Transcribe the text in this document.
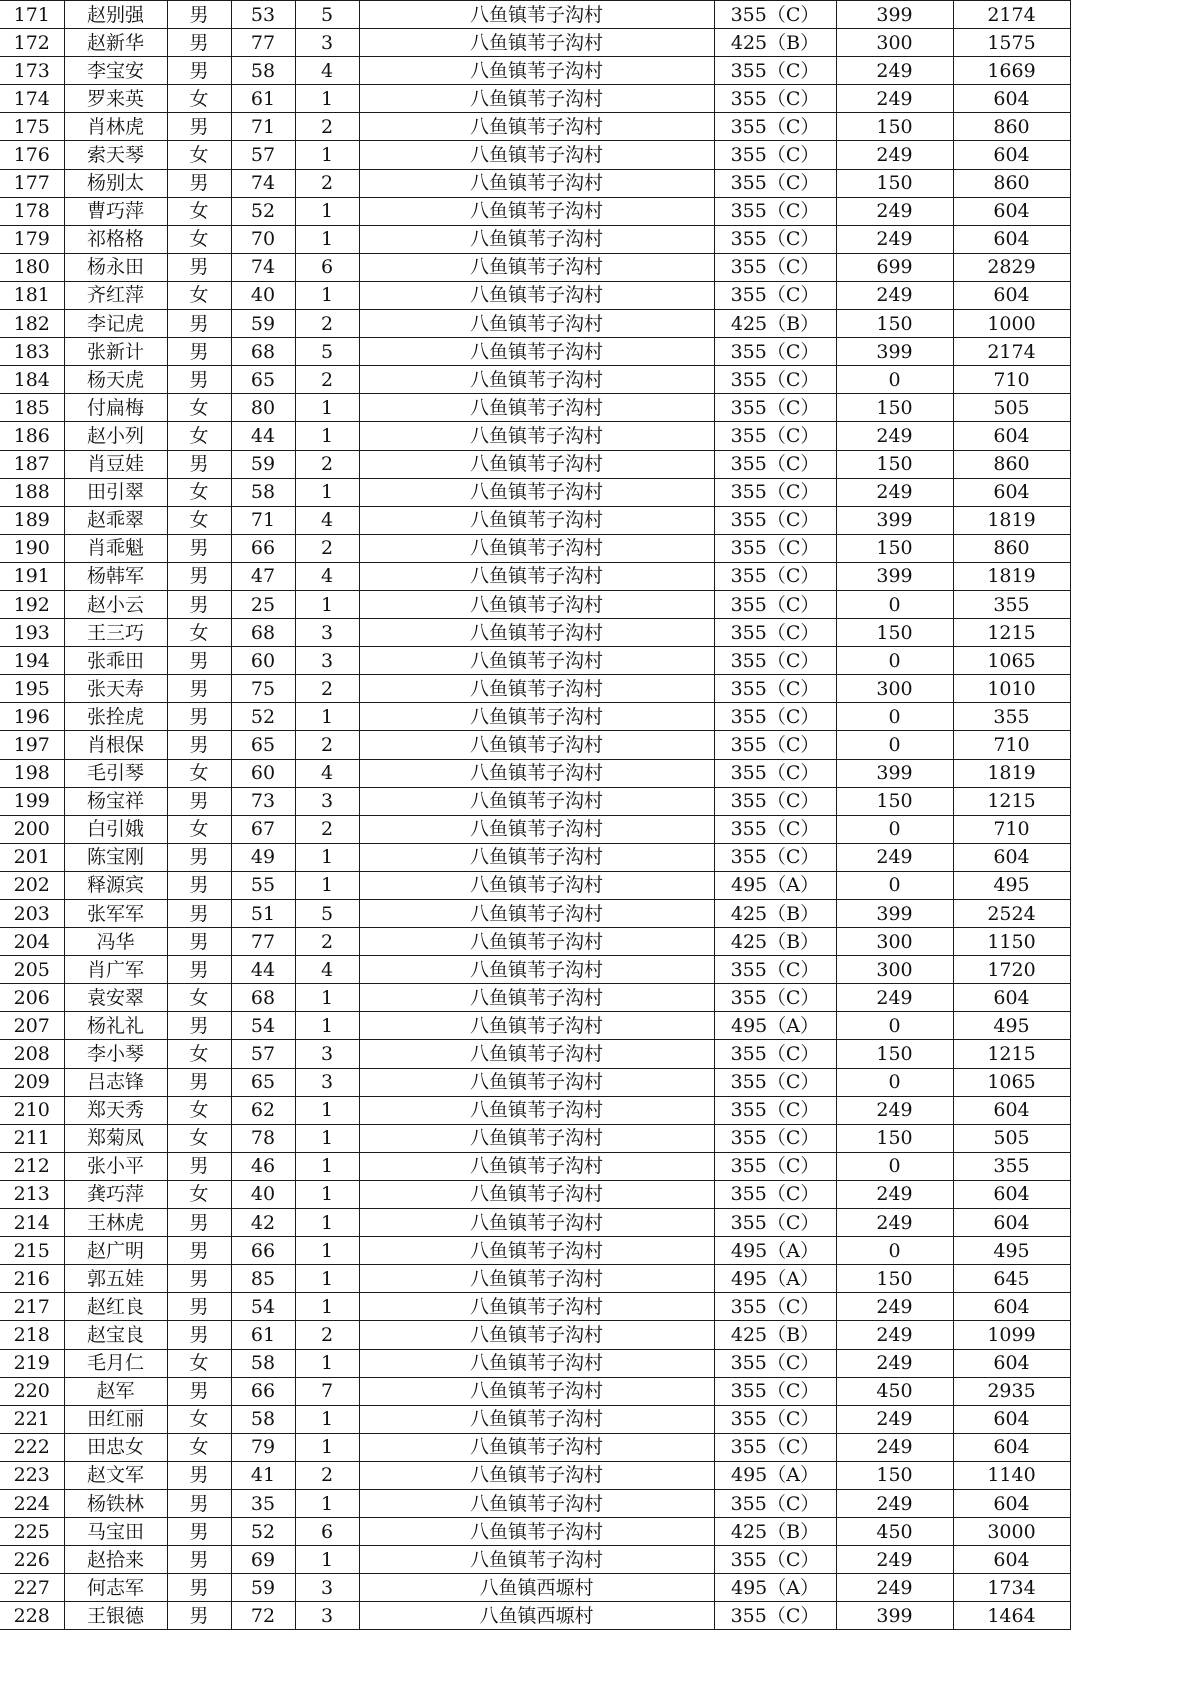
171	赵别强	男	53	5	八鱼镇苇子沟村	355（C）	399	2174
172	赵新华	男	77	3	八鱼镇苇子沟村	425（B）	300	1575
173	李宝安	男	58	4	八鱼镇苇子沟村	355（C）	249	1669
174	罗来英	女	61	1	八鱼镇苇子沟村	355（C）	249	604
175	肖林虎	男	71	2	八鱼镇苇子沟村	355（C）	150	860
176	索天琴	女	57	1	八鱼镇苇子沟村	355（C）	249	604
177	杨别太	男	74	2	八鱼镇苇子沟村	355（C）	150	860
178	曹巧萍	女	52	1	八鱼镇苇子沟村	355（C）	249	604
179	祁格格	女	70	1	八鱼镇苇子沟村	355（C）	249	604
180	杨永田	男	74	6	八鱼镇苇子沟村	355（C）	699	2829
181	齐红萍	女	40	1	八鱼镇苇子沟村	355（C）	249	604
182	李记虎	男	59	2	八鱼镇苇子沟村	425（B）	150	1000
183	张新计	男	68	5	八鱼镇苇子沟村	355（C）	399	2174
184	杨天虎	男	65	2	八鱼镇苇子沟村	355（C）	0	710
185	付扁梅	女	80	1	八鱼镇苇子沟村	355（C）	150	505
186	赵小列	女	44	1	八鱼镇苇子沟村	355（C）	249	604
187	肖豆娃	男	59	2	八鱼镇苇子沟村	355（C）	150	860
188	田引翠	女	58	1	八鱼镇苇子沟村	355（C）	249	604
189	赵乖翠	女	71	4	八鱼镇苇子沟村	355（C）	399	1819
190	肖乖魁	男	66	2	八鱼镇苇子沟村	355（C）	150	860
191	杨韩军	男	47	4	八鱼镇苇子沟村	355（C）	399	1819
192	赵小云	男	25	1	八鱼镇苇子沟村	355（C）	0	355
193	王三巧	女	68	3	八鱼镇苇子沟村	355（C）	150	1215
194	张乖田	男	60	3	八鱼镇苇子沟村	355（C）	0	1065
195	张天寿	男	75	2	八鱼镇苇子沟村	355（C）	300	1010
196	张拴虎	男	52	1	八鱼镇苇子沟村	355（C）	0	355
197	肖根保	男	65	2	八鱼镇苇子沟村	355（C）	0	710
198	毛引琴	女	60	4	八鱼镇苇子沟村	355（C）	399	1819
199	杨宝祥	男	73	3	八鱼镇苇子沟村	355（C）	150	1215
200	白引娥	女	67	2	八鱼镇苇子沟村	355（C）	0	710
201	陈宝刚	男	49	1	八鱼镇苇子沟村	355（C）	249	604
202	释源宾	男	55	1	八鱼镇苇子沟村	495（A）	0	495
203	张军军	男	51	5	八鱼镇苇子沟村	425（B）	399	2524
204	冯华	男	77	2	八鱼镇苇子沟村	425（B）	300	1150
205	肖广军	男	44	4	八鱼镇苇子沟村	355（C）	300	1720
206	袁安翠	女	68	1	八鱼镇苇子沟村	355（C）	249	604
207	杨礼礼	男	54	1	八鱼镇苇子沟村	495（A）	0	495
208	李小琴	女	57	3	八鱼镇苇子沟村	355（C）	150	1215
209	吕志锋	男	65	3	八鱼镇苇子沟村	355（C）	0	1065
210	郑天秀	女	62	1	八鱼镇苇子沟村	355（C）	249	604
211	郑菊凤	女	78	1	八鱼镇苇子沟村	355（C）	150	505
212	张小平	男	46	1	八鱼镇苇子沟村	355（C）	0	355
213	龚巧萍	女	40	1	八鱼镇苇子沟村	355（C）	249	604
214	王林虎	男	42	1	八鱼镇苇子沟村	355（C）	249	604
215	赵广明	男	66	1	八鱼镇苇子沟村	495（A）	0	495
216	郭五娃	男	85	1	八鱼镇苇子沟村	495（A）	150	645
217	赵红良	男	54	1	八鱼镇苇子沟村	355（C）	249	604
218	赵宝良	男	61	2	八鱼镇苇子沟村	425（B）	249	1099
219	毛月仁	女	58	1	八鱼镇苇子沟村	355（C）	249	604
220	赵军	男	66	7	八鱼镇苇子沟村	355（C）	450	2935
221	田红丽	女	58	1	八鱼镇苇子沟村	355（C）	249	604
222	田忠女	女	79	1	八鱼镇苇子沟村	355（C）	249	604
223	赵文军	男	41	2	八鱼镇苇子沟村	495（A）	150	1140
224	杨铁林	男	35	1	八鱼镇苇子沟村	355（C）	249	604
225	马宝田	男	52	6	八鱼镇苇子沟村	425（B）	450	3000
226	赵拾来	男	69	1	八鱼镇苇子沟村	355（C）	249	604
227	何志军	男	59	3	八鱼镇西塬村	495（A）	249	1734
228	王银德	男	72	3	八鱼镇西塬村	355（C）	399	1464
